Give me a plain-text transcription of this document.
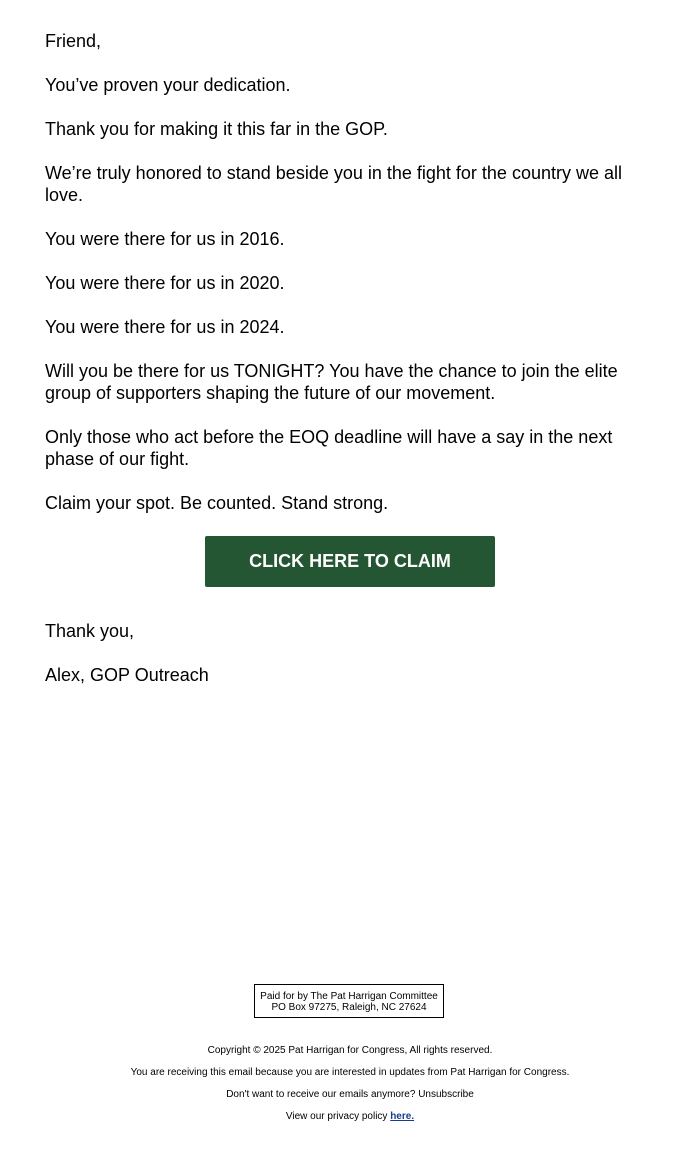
Friend,

You’ve proven your dedication.

Thank you for making it this far in the GOP.

We’re truly honored to stand beside you in the fight for the country we all love.

You were there for us in 2016.

You were there for us in 2020.

You were there for us in 2024.

Will you be there for us TONIGHT? You have the chance to join the elite group of supporters shaping the future of our movement.

Only those who act before the EOQ deadline will have a say in the next phase of our fight.

Claim your spot. Be counted. Stand strong.

CLICK HERE TO CLAIM

Thank you,

Alex, GOP Outreach

Paid for by The Pat Harrigan Committee
PO Box 97275, Raleigh, NC 27624
Copyright © 2025 Pat Harrigan for Congress, All rights reserved.
You are receiving this email because you are interested in updates from Pat Harrigan for Congress.
Don't want to receive our emails anymore? Unsubscribe
View our privacy policy here.
